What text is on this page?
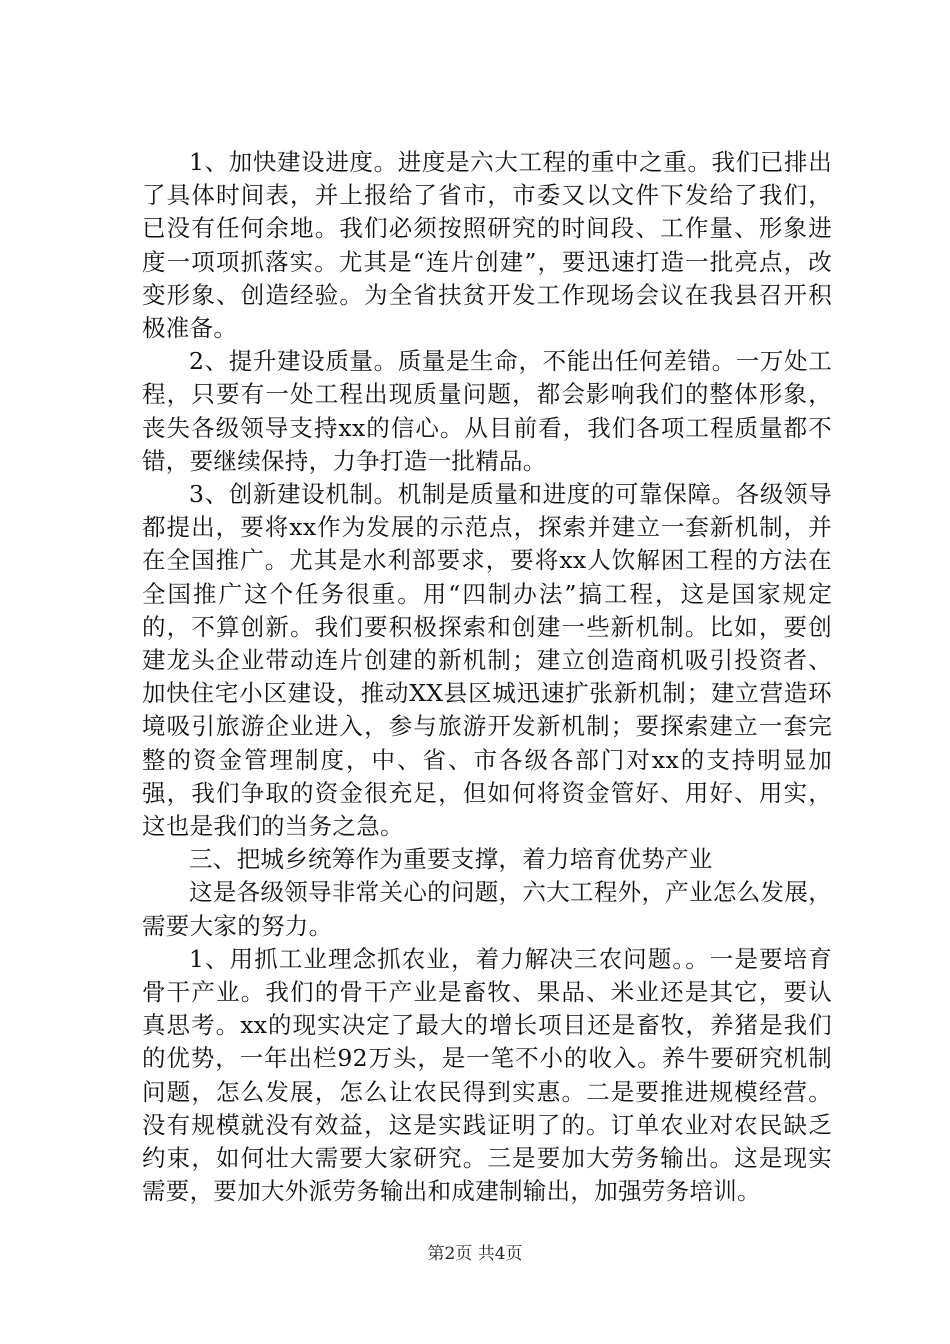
1、加快建设进度。进度是六大工程的重中之重。我们已排出了具体时间表，并上报给了省市，市委又以文件下发给了我们，已没有任何余地。我们必须按照研究的时间段、工作量、形象进度一项项抓落实。尤其是“连片创建”，要迅速打造一批亮点，改变形象、创造经验。为全省扶贫开发工作现场会议在我县召开积极准备。

2、提升建设质量。质量是生命，不能出任何差错。一万处工程，只要有一处工程出现质量问题，都会影响我们的整体形象，丧失各级领导支持xx的信心。从目前看，我们各项工程质量都不错，要继续保持，力争打造一批精品。

3、创新建设机制。机制是质量和进度的可靠保障。各级领导都提出，要将xx作为发展的示范点，探索并建立一套新机制，并在全国推广。尤其是水利部要求，要将xx人饮解困工程的方法在全国推广这个任务很重。用“四制办法”搞工程，这是国家规定的，不算创新。我们要积极探索和创建一些新机制。比如，要创建龙头企业带动连片创建的新机制；建立创造商机吸引投资者、加快住宅小区建设，推动XX县区城迅速扩张新机制；建立营造环境吸引旅游企业进入，参与旅游开发新机制；要探索建立一套完整的资金管理制度，中、省、市各级各部门对xx的支持明显加强，我们争取的资金很充足，但如何将资金管好、用好、用实，这也是我们的当务之急。

三、把城乡统筹作为重要支撑，着力培育优势产业

这是各级领导非常关心的问题，六大工程外，产业怎么发展，需要大家的努力。

1、用抓工业理念抓农业，着力解决三农问题。。一是要培育骨干产业。我们的骨干产业是畜牧、果品、米业还是其它，要认真思考。xx的现实决定了最大的增长项目还是畜牧，养猪是我们的优势，一年出栏92万头，是一笔不小的收入。养牛要研究机制问题，怎么发展，怎么让农民得到实惠。二是要推进规模经营。没有规模就没有效益，这是实践证明了的。订单农业对农民缺乏约束，如何壮大需要大家研究。三是要加大劳务输出。这是现实需要，要加大外派劳务输出和成建制输出，加强劳务培训。

第2页 共4页
